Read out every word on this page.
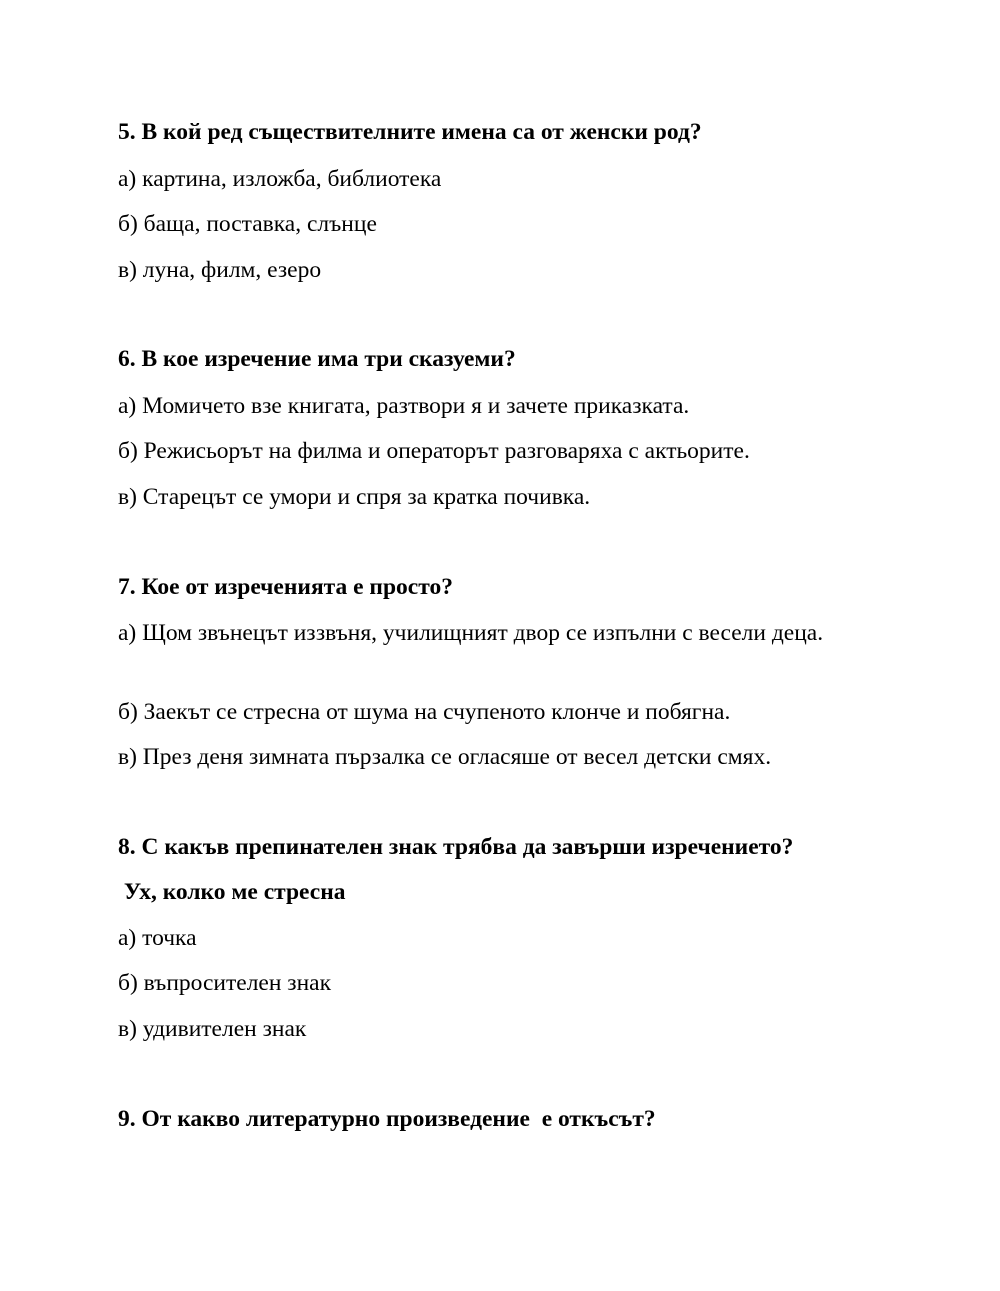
5. В кой ред съществителните имена са от женски род?
а) картина, изложба, библиотека
б) баща, поставка, слънце
в) луна, филм, езеро
6. В кое изречение има три сказуеми?
а) Момичето взе книгата, разтвори я и зачете приказката.
б) Режисьорът на филма и операторът разговаряха с актьорите.
в) Старецът се умори и спря за кратка почивка.
7. Кое от изреченията е просто?
а) Щом звънецът иззвъня, училищният двор се изпълни с весели деца.
б) Заекът се стресна от шума на счупеното клонче и побягна.
в) През деня зимната пързалка се огласяше от весел детски смях.
8. С какъв препинателен знак трябва да завърши изречението?
Ух, колко ме стресна
а) точка
б) въпросителен знак
в) удивителен знак
9. От какво литературно произведение  е откъсът?
